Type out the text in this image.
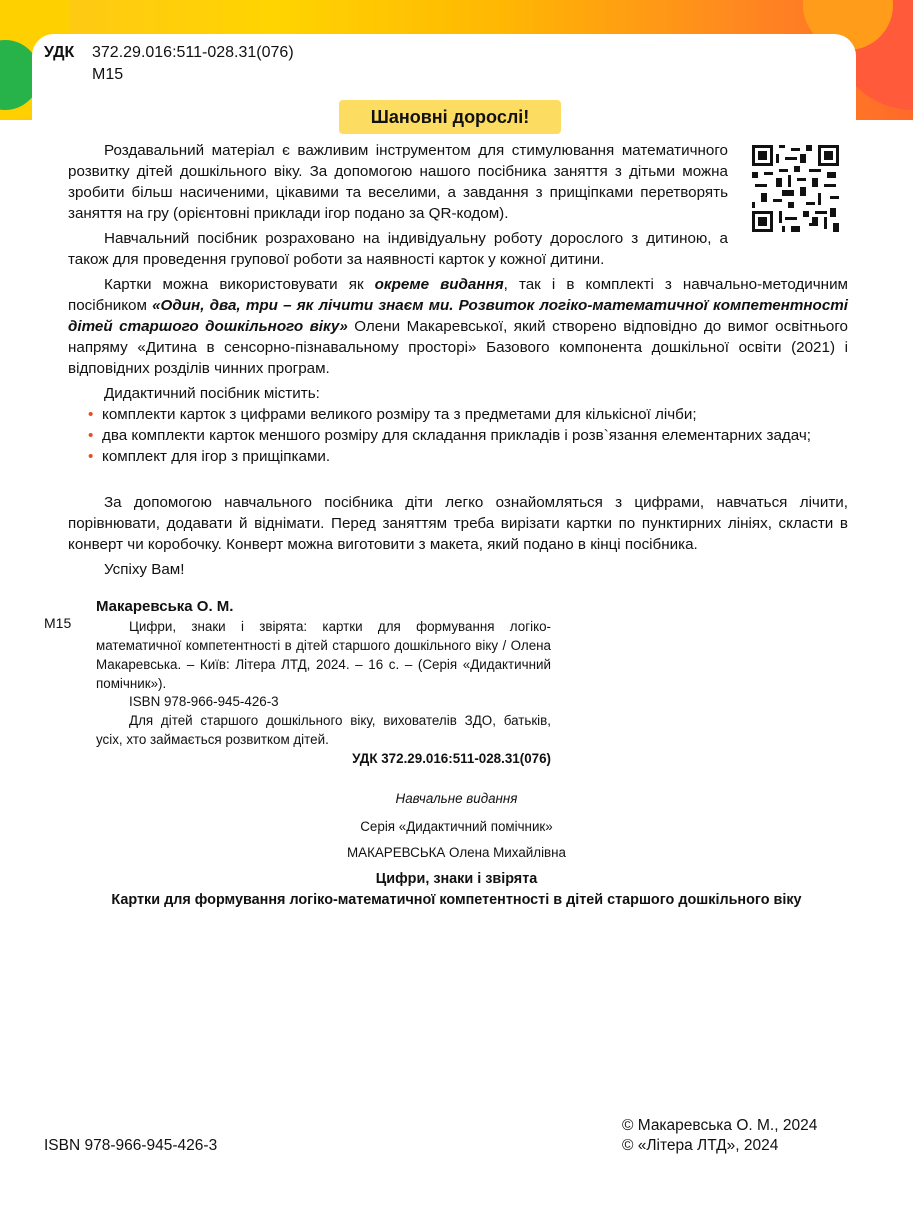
УДК 372.29.016:511-028.31(076)
М15
Шановні дорослі!

Роздавальний матеріал є важливим інструментом для стимулювання математичного розвитку дітей дошкільного віку. За допомогою нашого посібника заняття з дітьми можна зробити більш насиченими, цікавими та веселими, а завдання з прищіпками перетворять заняття на гру (орієнтовні приклади ігор подано за QR-кодом).

Навчальний посібник розраховано на індивідуальну роботу дорослого з дитиною, а також для проведення групової роботи за наявності карток у кожної дитини.

Картки можна використовувати як окреме видання, так і в комплекті з навчально-методичним посібником «Один, два, три – як лічити знаєм ми. Розвиток логіко-математичної компетентності дітей старшого дошкільного віку» Олени Макаревської, який створено відповідно до вимог освітнього напряму «Дитина в сенсорно-пізнавальному просторі» Базового компонента дошкільної освіти (2021) і відповідних розділів чинних програм.

Дидактичний посібник містить:

• комплекти карток з цифрами великого розміру та з предметами для кількісної лічби;
• два комплекти карток меншого розміру для складання прикладів і розв`язання елементарних задач;
• комплект для ігор з прищіпками.

За допомогою навчального посібника діти легко ознайомляться з цифрами, навчаться лічити, порівнювати, додавати й віднімати. Перед заняттям треба вирізати картки по пунктирних лініях, скласти в конверт чи коробочку. Конверт можна виготовити з макета, який подано в кінці посібника.

Успіху Вам!

М15
Макаревська О. М.
Цифри, знаки і звірята: картки для формування логіко-математичної компетентності в дітей старшого дошкільного віку / Олена Макаревська. – Київ: Літера ЛТД, 2024. – 16 с. – (Серія «Дидактичний помічник»).
ISBN 978-966-945-426-3
Для дітей старшого дошкільного віку, вихователів ЗДО, батьків, усіх, хто займається розвитком дітей.
УДК 372.29.016:511-028.31(076)
Навчальне видання
Серія «Дидактичний помічник»
МАКАРЕВСЬКА Олена Михайлівна
Цифри, знаки і звірята
Картки для формування логіко-математичної компетентності в дітей старшого дошкільного віку
ISBN 978-966-945-426-3
© Макаревська О. М., 2024
© «Літера ЛТД», 2024
